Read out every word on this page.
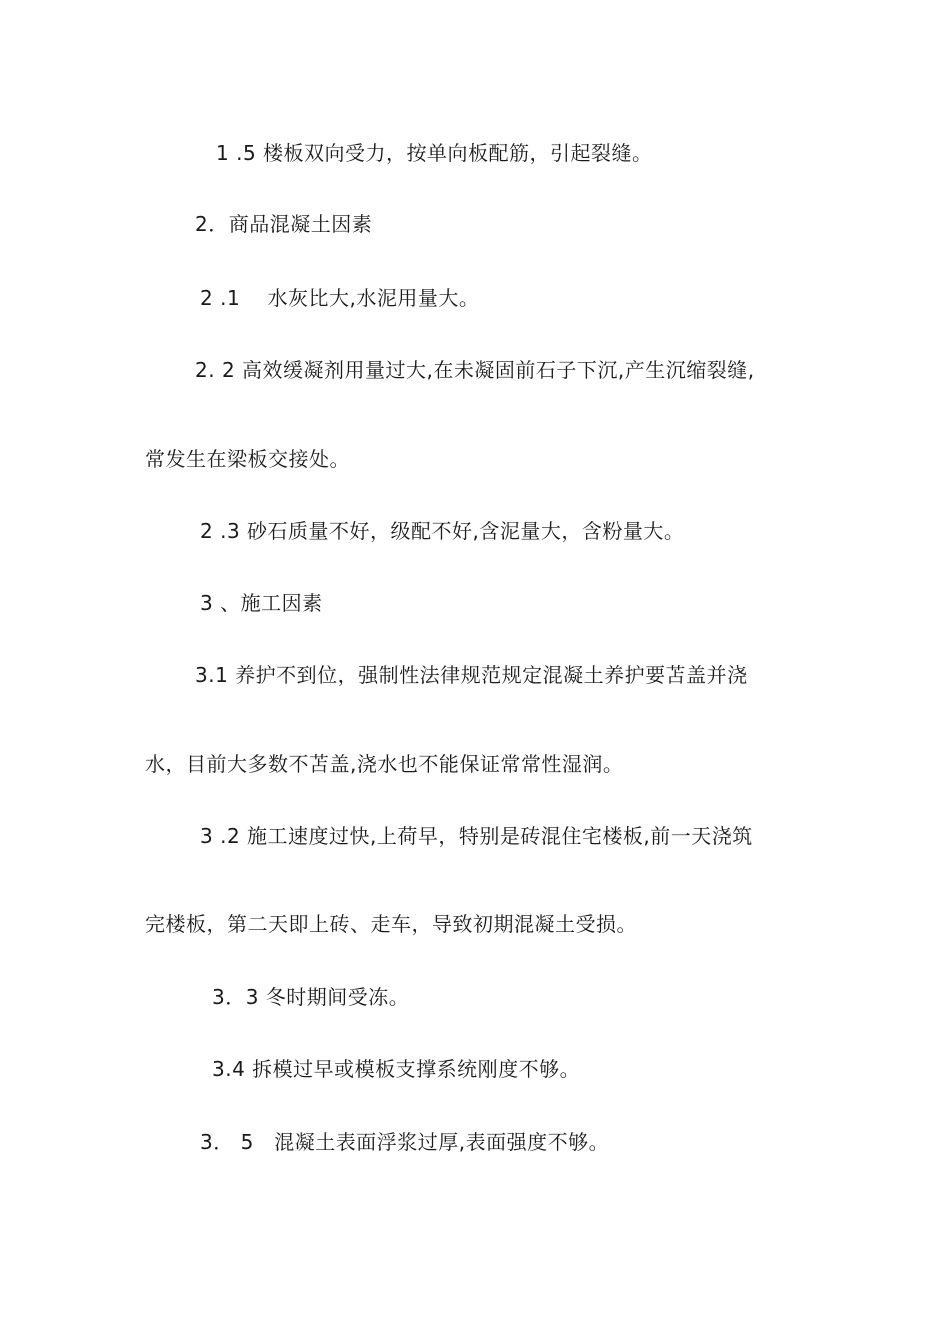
1 .5 楼板双向受力，按单向板配筋，引起裂缝。
2．商品混凝土因素
2 .1　 水灰比大,水泥用量大。
2. 2 高效缓凝剂用量过大,在未凝固前石子下沉,产生沉缩裂缝,
常发生在梁板交接处。
2 .3 砂石质量不好，级配不好,含泥量大，含粉量大。
3 、施工因素
3.1 养护不到位，强制性法律规范规定混凝土养护要苫盖并浇
水，目前大多数不苫盖,浇水也不能保证常常性湿润。
3 .2 施工速度过快,上荷早，特别是砖混住宅楼板,前一天浇筑
完楼板，第二天即上砖、走车，导致初期混凝土受损。
3．3 冬时期间受冻。
3.4 拆模过早或模板支撑系统刚度不够。
3． 5　混凝土表面浮浆过厚,表面强度不够。
